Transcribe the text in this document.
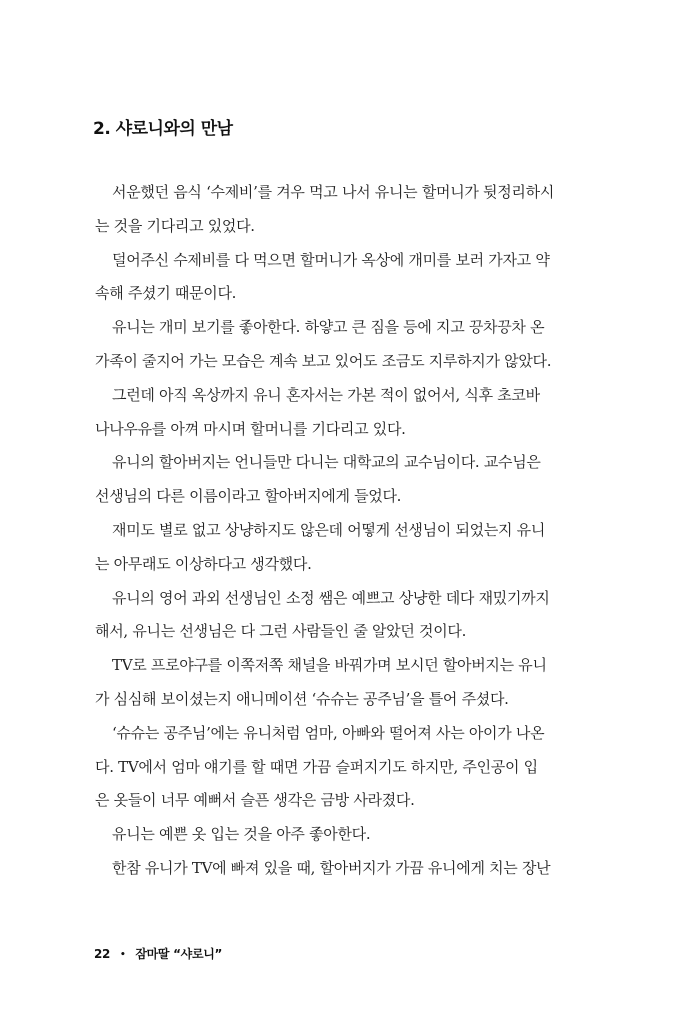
2. 샤로니와의 만남
서운했던 음식 ‘수제비’를 겨우 먹고 나서 유니는 할머니가 뒷정리하시
는 것을 기다리고 있었다.
덜어주신 수제비를 다 먹으면 할머니가 옥상에 개미를 보러 가자고 약
속해 주셨기 때문이다.
유니는 개미 보기를 좋아한다. 하얗고 큰 짐을 등에 지고 끙차끙차 온
가족이 줄지어 가는 모습은 계속 보고 있어도 조금도 지루하지가 않았다.
그런데 아직 옥상까지 유니 혼자서는 가본 적이 없어서, 식후 초코바
나나우유를 아껴 마시며 할머니를 기다리고 있다.
유니의 할아버지는 언니들만 다니는 대학교의 교수님이다. 교수님은
선생님의 다른 이름이라고 할아버지에게 들었다.
재미도 별로 없고 상냥하지도 않은데 어떻게 선생님이 되었는지 유니
는 아무래도 이상하다고 생각했다.
유니의 영어 과외 선생님인 소정 쌤은 예쁘고 상냥한 데다 재밌기까지
해서, 유니는 선생님은 다 그런 사람들인 줄 알았던 것이다.
TV로 프로야구를 이쪽저쪽 채널을 바꿔가며 보시던 할아버지는 유니
가 심심해 보이셨는지 애니메이션 ‘슈슈는 공주님’을 틀어 주셨다.
‘슈슈는 공주님’에는 유니처럼 엄마, 아빠와 떨어져 사는 아이가 나온
다. TV에서 엄마 얘기를 할 때면 가끔 슬퍼지기도 하지만, 주인공이 입
은 옷들이 너무 예뻐서 슬픈 생각은 금방 사라졌다.
유니는 예쁜 옷 입는 것을 아주 좋아한다.
한참 유니가 TV에 빠져 있을 때, 할아버지가 가끔 유니에게 치는 장난
22 • 잠마딸 “샤로니”
